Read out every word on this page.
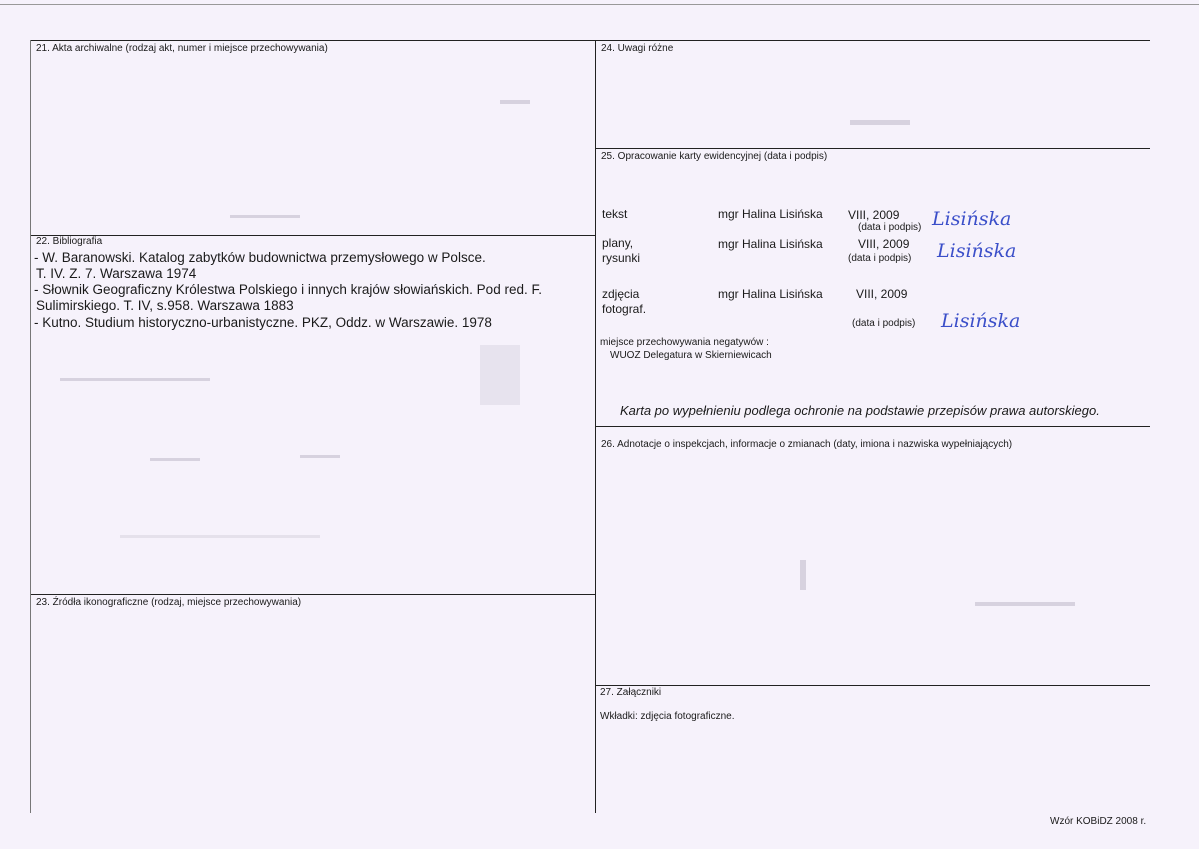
21. Akta archiwalne (rodzaj akt, numer i miejsce przechowywania)
22. Bibliografia
- W. Baranowski. Katalog zabytków budownictwa przemysłowego w Polsce.
T. IV. Z. 7. Warszawa 1974
- Słownik Geograficzny Królestwa Polskiego i innych krajów słowiańskich. Pod red. F.
Sulimirskiego. T. IV, s.958. Warszawa 1883
- Kutno. Studium historyczno-urbanistyczne. PKZ, Oddz. w Warszawie. 1978
23. Źródła ikonograficzne (rodzaj, miejsce przechowywania)
24. Uwagi różne
25. Opracowanie karty ewidencyjnej (data i podpis)
tekst	mgr Halina Lisińska VIII, 2009
(data i podpis) Lisińska
plany,
rysunki
mgr Halina Lisińska	VIII, 2009
(data i podpis) Lisińska
zdjęcia
fotograf.
mgr Halina Lisińska	VIII, 2009
(data i podpis) Lisińska
miejsce przechowywania negatywów :
WUOZ Delegatura w Skierniewicach
Karta po wypełnieniu podlega ochronie na podstawie przepisów prawa autorskiego.
26. Adnotacje o inspekcjach, informacje o zmianach (daty, imiona i nazwiska wypełniających)
27. Załączniki
Wkładki: zdjęcia fotograficzne.
Wzór KOBiDZ 2008 r.
